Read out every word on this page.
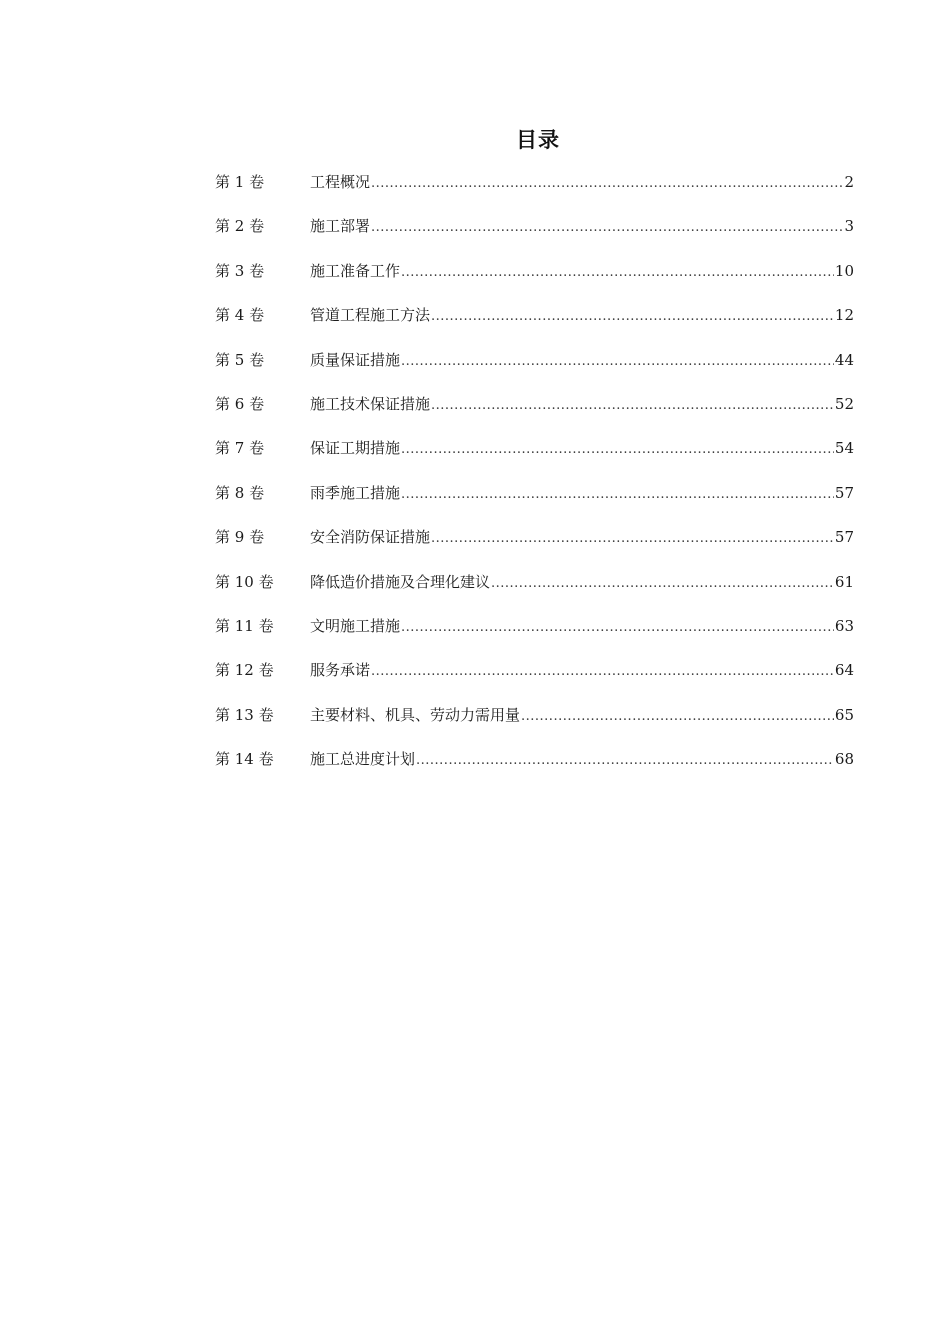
目录
第 1 卷	工程概况 .....	2
第 2 卷	施工部署 .....	3
第 3 卷	施工准备工作 .....	10
第 4 卷	管道工程施工方法 .....	12
第 5 卷	质量保证措施 .....	44
第 6 卷	施工技术保证措施 .....	52
第 7 卷	保证工期措施 .....	54
第 8 卷	雨季施工措施 .....	57
第 9 卷	安全消防保证措施 .....	57
第 10 卷	降低造价措施及合理化建议 .....	61
第 11 卷	文明施工措施 .....	63
第 12 卷	服务承诺 .....	64
第 13 卷	主要材料、机具、劳动力需用量 .....	65
第 14 卷	施工总进度计划 .....	68
